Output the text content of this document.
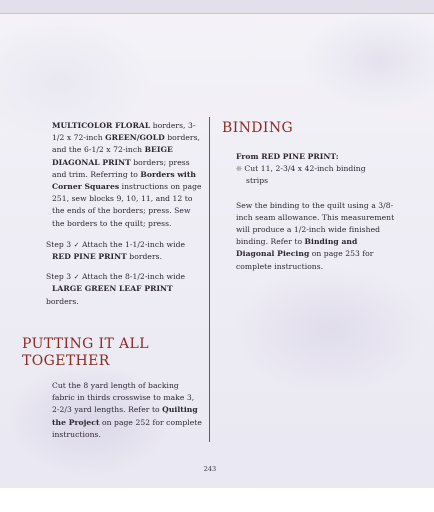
MULTICOLOR FLORAL borders, 3-1/2 x 72-inch GREEN/GOLD borders, and the 6-1/2 x 72-inch BEIGE DIAGONAL PRINT borders; press and trim. Referring to Borders with Corner Squares instructions on page 251, sew blocks 9, 10, 11, and 12 to the ends of the borders; press. Sew the borders to the quilt; press.

Step 3 ✓ Attach the 1-1/2-inch wide
RED PINE PRINT borders.

Step 3 ✓ Attach the 8-1/2-inch wide
LARGE GREEN LEAF PRINT
borders.

PUTTING IT ALL
TOGETHER

Cut the 8 yard length of backing fabric in thirds crosswise to make 3, 2-2/3 yard lengths. Refer to Quilting the Project on page 252 for complete instructions.

BINDING

From RED PINE PRINT:
❊ Cut 11, 2-3/4 x 42-inch binding
strips

Sew the binding to the quilt using a 3/8-inch seam allowance. This measurement will produce a 1/2-inch wide finished binding. Refer to Binding and Diagonal Piecing on page 253 for complete instructions.

243
